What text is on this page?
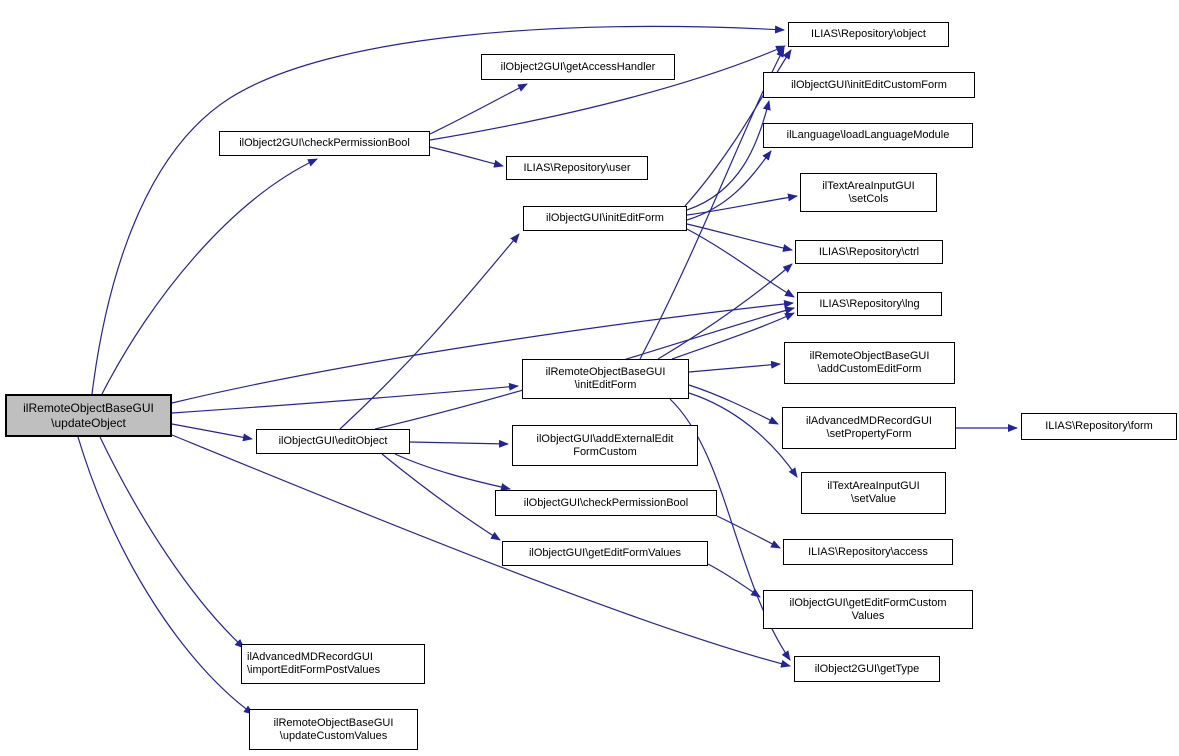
ilRemoteObjectBaseGUI
\updateObject
ilObject2GUI\checkPermissionBool
ilObject2GUI\getAccessHandler
ILIAS\Repository\user
ILIAS\Repository\object
ilObjectGUI\initEditCustomForm
ilLanguage\loadLanguageModule
ilTextAreaInputGUI
\setCols
ilObjectGUI\initEditForm
ILIAS\Repository\ctrl
ILIAS\Repository\lng
ilRemoteObjectBaseGUI
\initEditForm
ilRemoteObjectBaseGUI
\addCustomEditForm
ilAdvancedMDRecordGUI
\setPropertyForm
ILIAS\Repository\form
ilObjectGUI\editObject	ilObjectGUI\addExternalEdit
FormCustom
ilTextAreaInputGUI
\setValue
ilObjectGUI\checkPermissionBool
ILIAS\Repository\access
ilObjectGUI\getEditFormValues
ilObjectGUI\getEditFormCustom
Values
ilObject2GUI\getType
ilAdvancedMDRecordGUI
\importEditFormPostValues
ilRemoteObjectBaseGUI
\updateCustomValues
